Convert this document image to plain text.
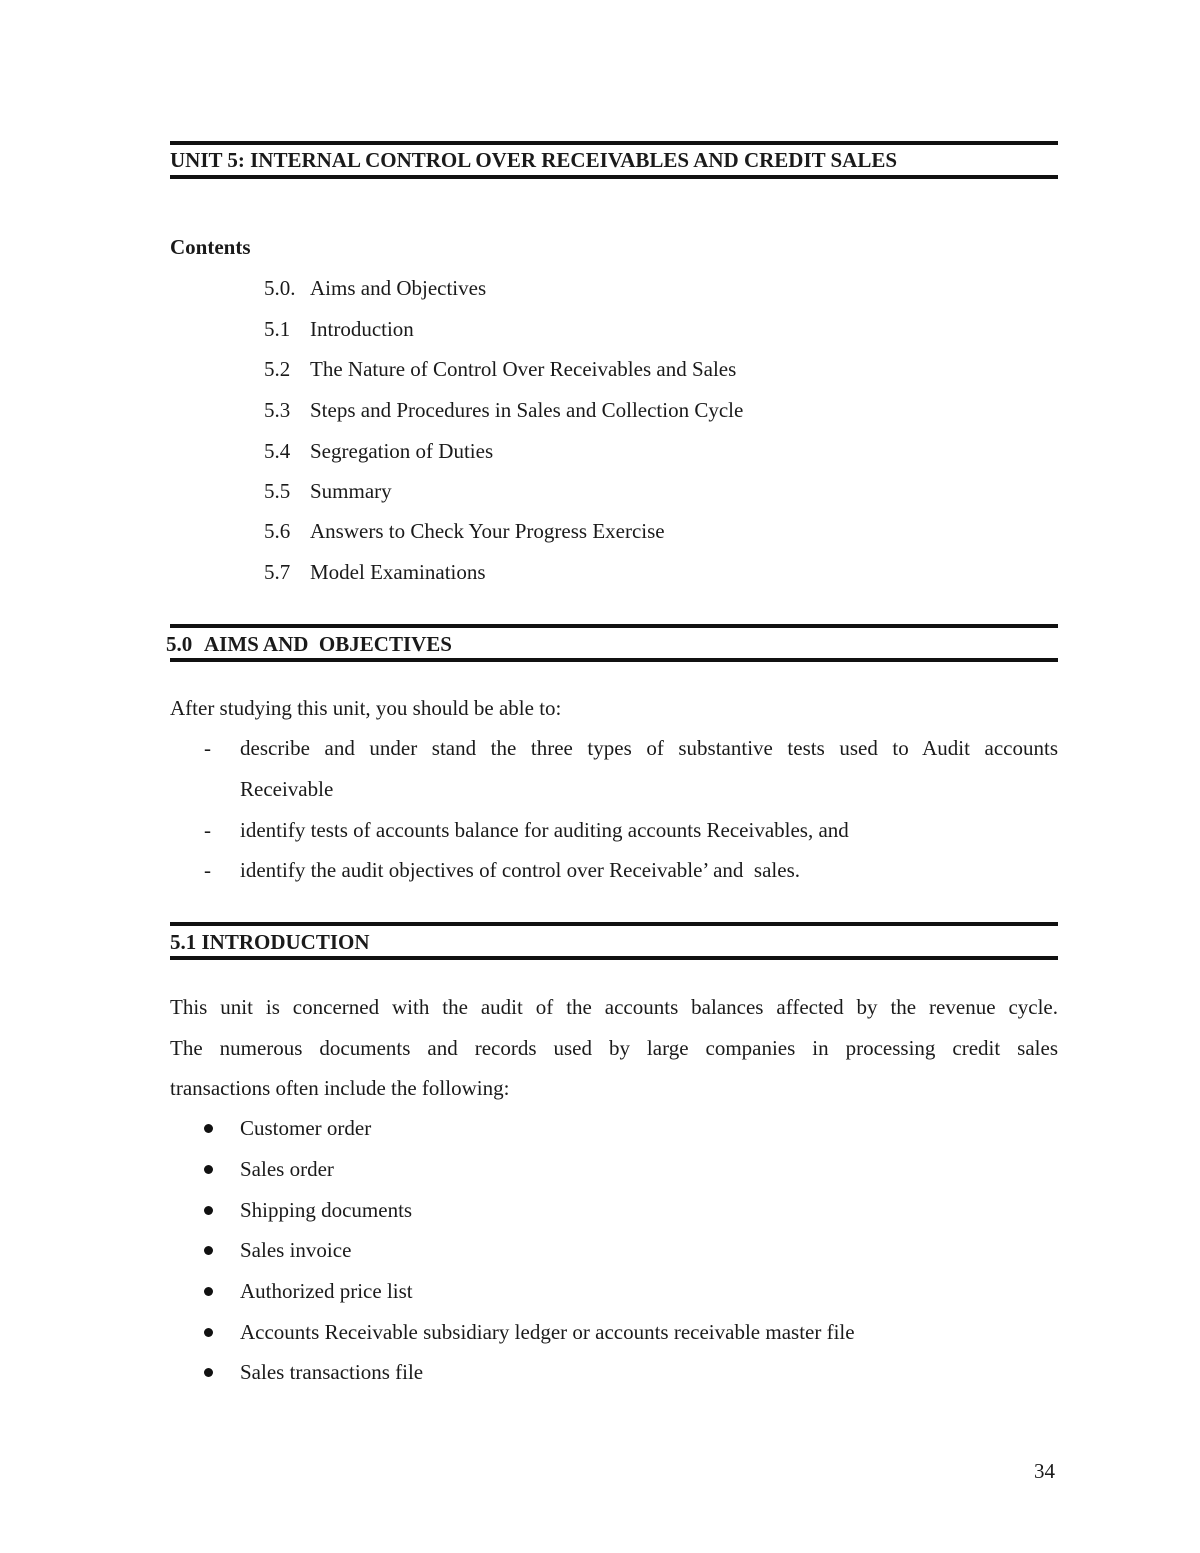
UNIT 5: INTERNAL CONTROL OVER RECEIVABLES AND CREDIT SALES
Contents
5.0. Aims and Objectives
5.1 Introduction
5.2 The Nature of Control Over Receivables and Sales
5.3 Steps and Procedures in Sales and Collection Cycle
5.4 Segregation of Duties
5.5 Summary
5.6 Answers to Check Your Progress Exercise
5.7 Model Examinations
5.0 AIMS AND  OBJECTIVES
After studying this unit, you should be able to:
- describe and under stand the three types of substantive tests used to Audit accounts
Receivable
- identify tests of accounts balance for auditing accounts Receivables, and
- identify the audit objectives of control over Receivable’ and  sales.
5.1 INTRODUCTION
This unit is concerned with the audit of the accounts balances affected by the revenue cycle.
The numerous documents and records used by large companies in processing credit sales
transactions often include the following:
Customer order
Sales order
Shipping documents
Sales invoice
Authorized price list
Accounts Receivable subsidiary ledger or accounts receivable master file
Sales transactions file
34
